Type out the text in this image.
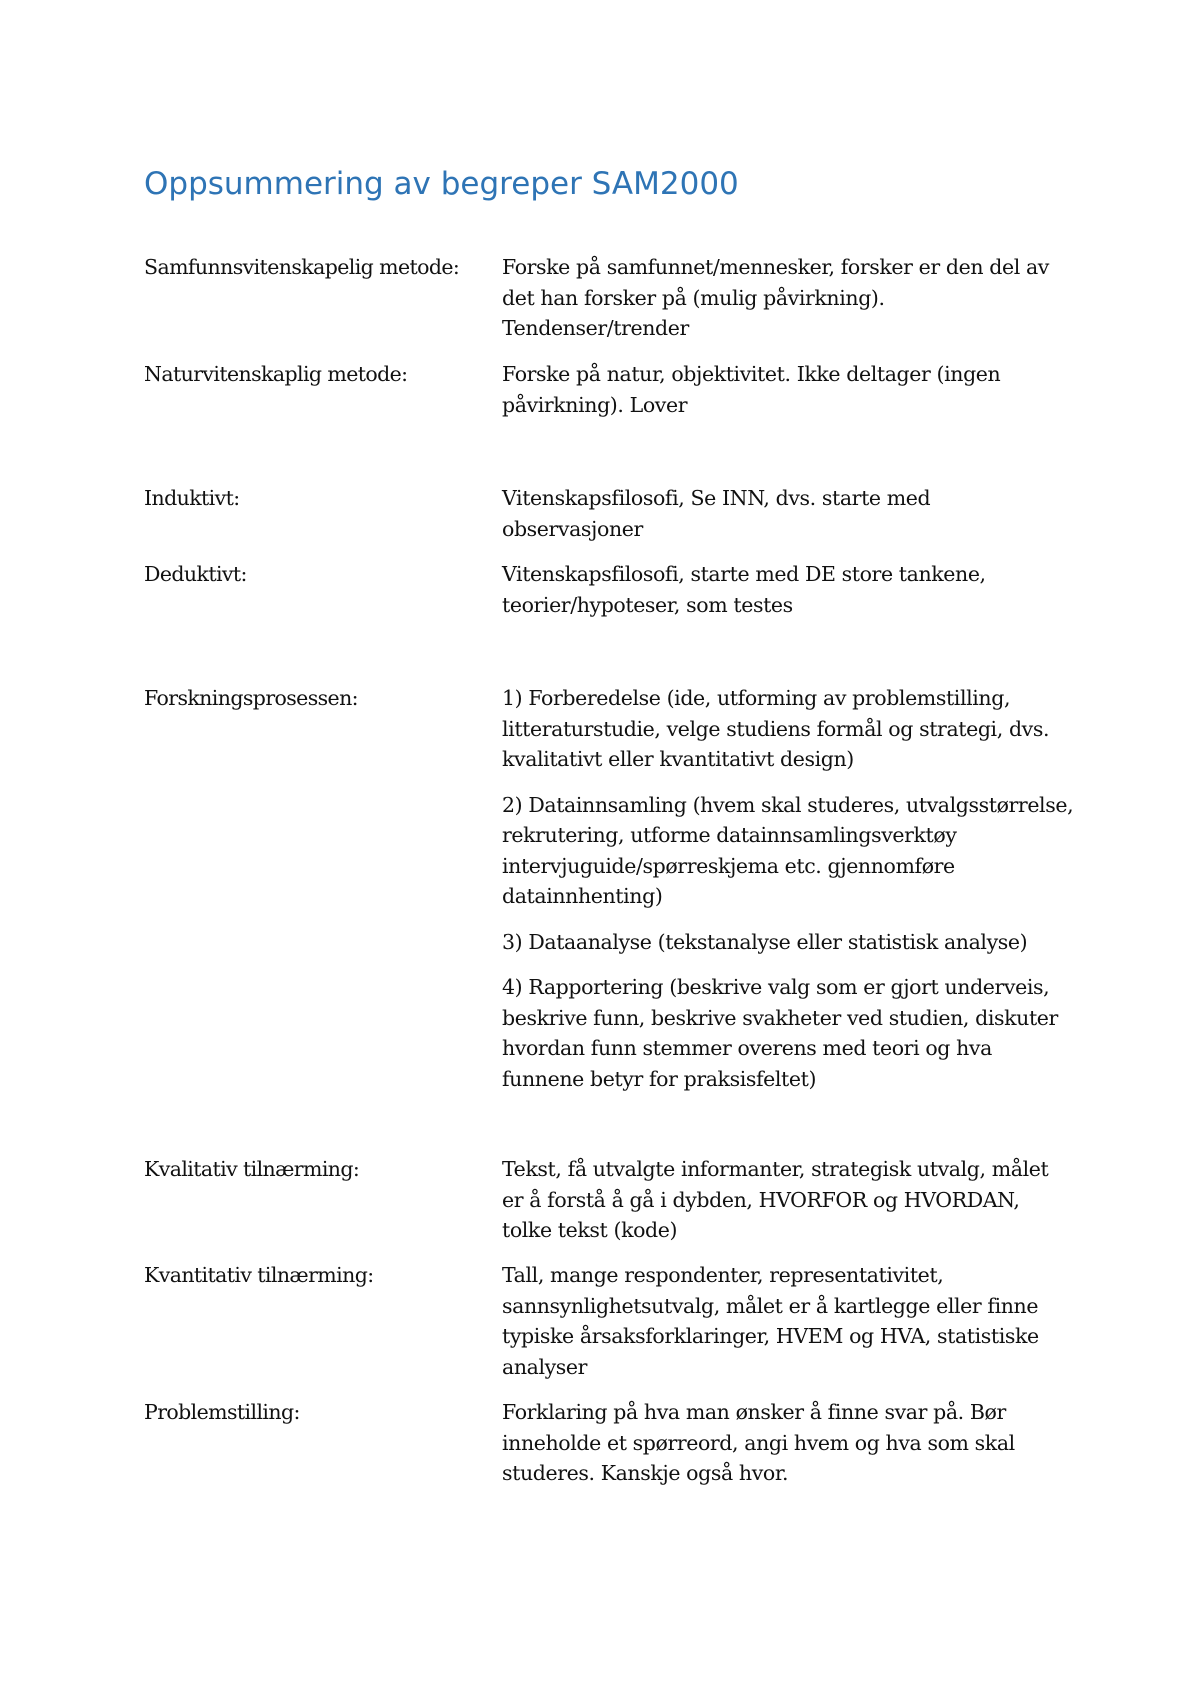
Oppsummering av begreper SAM2000
Samfunnsvitenskapelig metode:	Forske på samfunnet/mennesker, forsker er den del av det han forsker på (mulig påvirkning). Tendenser/trender

Naturvitenskaplig metode:	Forske på natur, objektivitet. Ikke deltager (ingen påvirkning). Lover

Induktivt:	Vitenskapsfilosofi, Se INN, dvs. starte med observasjoner

Deduktivt:	Vitenskapsfilosofi, starte med DE store tankene, teorier/hypoteser, som testes

Forskningsprosessen:	1) Forberedelse (ide, utforming av problemstilling, litteraturstudie, velge studiens formål og strategi, dvs. kvalitativt eller kvantitativt design)

2) Datainnsamling (hvem skal studeres, utvalgsstørrelse, rekrutering, utforme datainnsamlingsverktøy intervjuguide/spørreskjema etc. gjennomføre datainnhenting)

3) Dataanalyse (tekstanalyse eller statistisk analyse)

4) Rapportering (beskrive valg som er gjort underveis, beskrive funn, beskrive svakheter ved studien, diskuter hvordan funn stemmer overens med teori og hva funnene betyr for praksisfeltet)

Kvalitativ tilnærming:	Tekst, få utvalgte informanter, strategisk utvalg, målet er å forstå å gå i dybden, HVORFOR og HVORDAN, tolke tekst (kode)

Kvantitativ tilnærming:	Tall, mange respondenter, representativitet, sannsynlighetsutvalg, målet er å kartlegge eller finne typiske årsaksforklaringer, HVEM og HVA, statistiske analyser

Problemstilling:	Forklaring på hva man ønsker å finne svar på. Bør inneholde et spørreord, angi hvem og hva som skal studeres. Kanskje også hvor.
